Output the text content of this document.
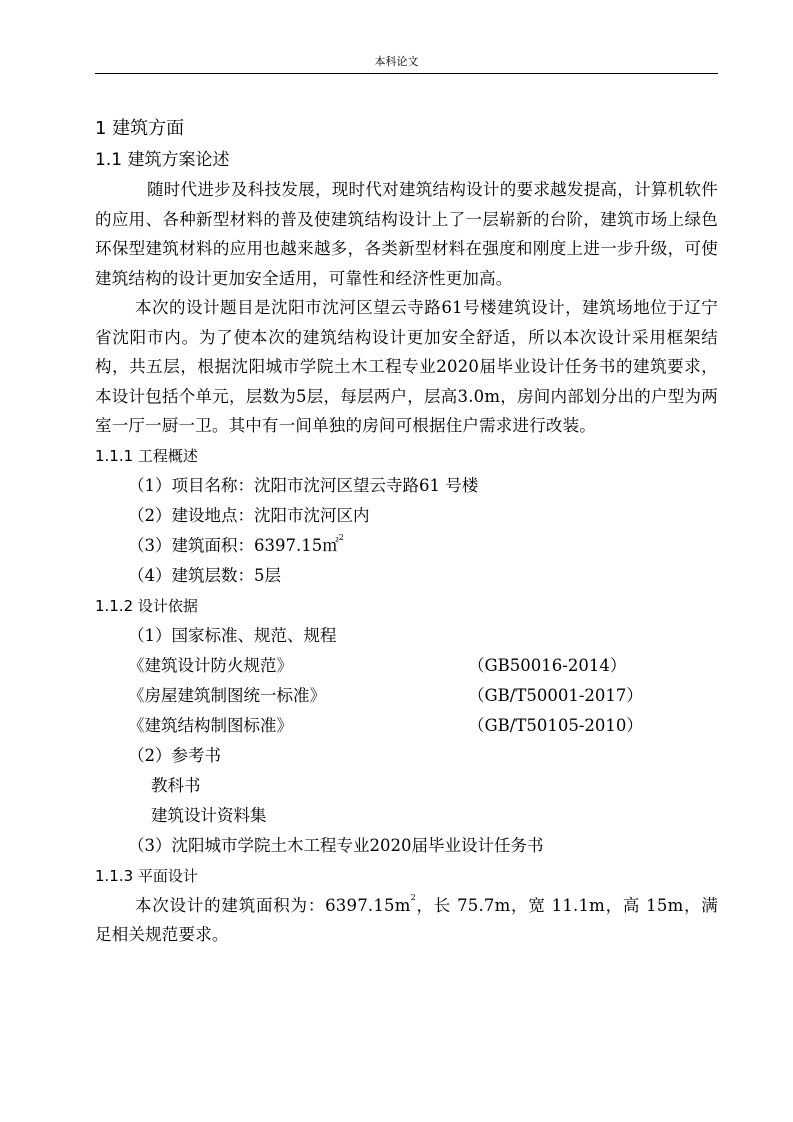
本科论文
1 建筑方面
1.1 建筑方案论述

随时代进步及科技发展，现时代对建筑结构设计的要求越发提高，计算机软件的应用、各种新型材料的普及使建筑结构设计上了一层崭新的台阶，建筑市场上绿色环保型建筑材料的应用也越来越多，各类新型材料在强度和刚度上进一步升级，可使建筑结构的设计更加安全适用，可靠性和经济性更加高。

本次的设计题目是沈阳市沈河区望云寺路61号楼建筑设计，建筑场地位于辽宁省沈阳市内。为了使本次的建筑结构设计更加安全舒适，所以本次设计采用框架结构，共五层，根据沈阳城市学院土木工程专业2020届毕业设计任务书的建筑要求，本设计包括个单元，层数为5层，每层两户，层高3.0m，房间内部划分出的户型为两室一厅一厨一卫。其中有一间单独的房间可根据住户需求进行改装。

1.1.1 工程概述
（1）项目名称：沈阳市沈河区望云寺路61 号楼
（2）建设地点：沈阳市沈河区内
（3）建筑面积：6397.15㎡$^2$
（4）建筑层数：5层
1.1.2 设计依据
（1）国家标准、规范、规程
《建筑设计防火规范》	（GB50016-2014）
《房屋建筑制图统一标准》	（GB/T50001-2017）
《建筑结构制图标准》	（GB/T50105-2010）
（2）参考书
教科书
建筑设计资料集
（3）沈阳城市学院土木工程专业2020届毕业设计任务书
1.1.3 平面设计

本次设计的建筑面积为：$6397.15m^2$，长 75.7m，宽 11.1m，高 15m，满足相关规范要求。
